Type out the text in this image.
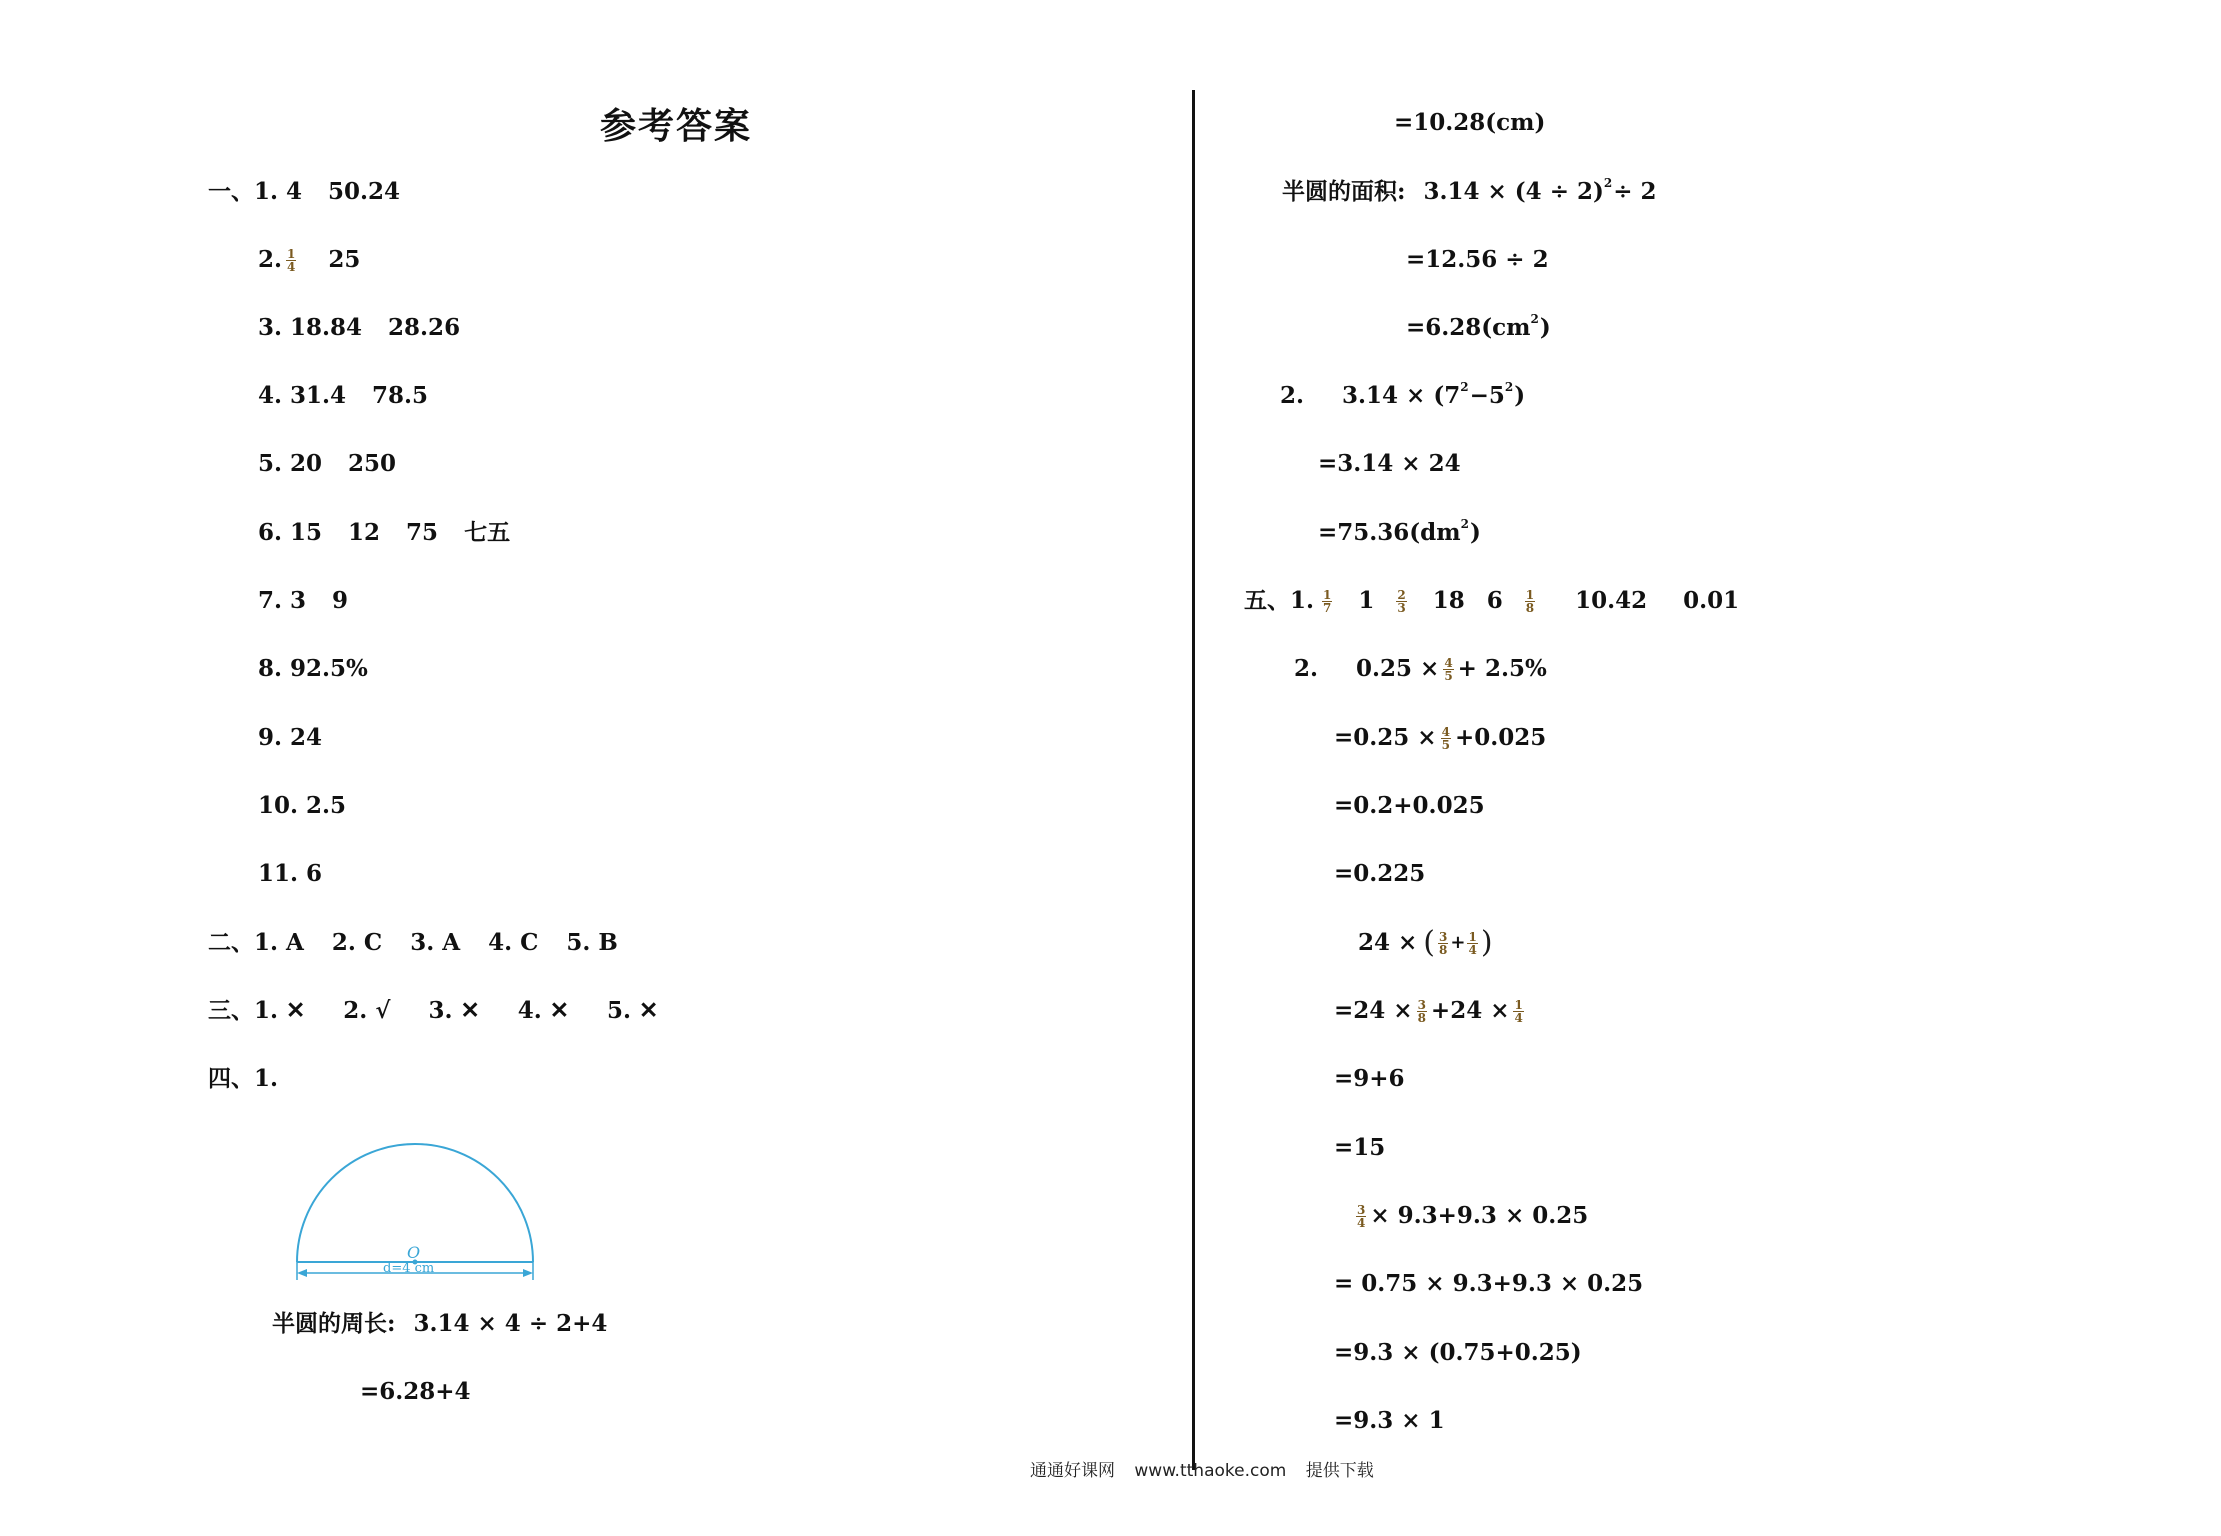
参考答案
一、1. 4 50.24
2. $\frac{1}{4} 25$
3. 18.84 28.26
4. 31.4 78.5
5. 20 250
6. 15 12 75 七五
7. 3 9
8. 92.5%
9. 24
10. 2.5
11. 6
二、1. A 2. C 3. A 4. C 5. B
三、1. ✕ 2. √ 3. ✕ 4. ✕ 5. ✕
四、1.
O
d=4 cm
半圆的周长: 3.14 × 4 ÷ 2+4
=6.28+4
=10.28(cm)
半圆的面积: 3.14 × (4 ÷ 2) 2 ÷ 2
=12.56 ÷ 2
=6.28(cm 2 )
2. 3.14 × (7 2 −5 2 )
=3.14 × 24
=75.36(dm 2 )
五、1. $\frac{1}{7} 1 \frac{2}{3} 18$ $6 \frac{1}{8} 10.42$ 0.01
2. $0.25 \times \frac{4}{5} + 2.5\%$
$=0.25 \times \frac{4}{5} +0.025$
=0.2+0.025
=0.225
24 × ( $\frac{3}{8} + \frac{1}{4}$ )
$=24 \times \frac{3}{8} +24 \times \frac{1}{4}$
=9+6
=15
$\frac{3}{4} \times 9.3+9.3 \times 0.25$
= 0.75 × 9.3+9.3 × 0.25
=9.3 × (0.75+0.25)
=9.3 × 1
通通好课网 www.tthaoke.com 提供下载
